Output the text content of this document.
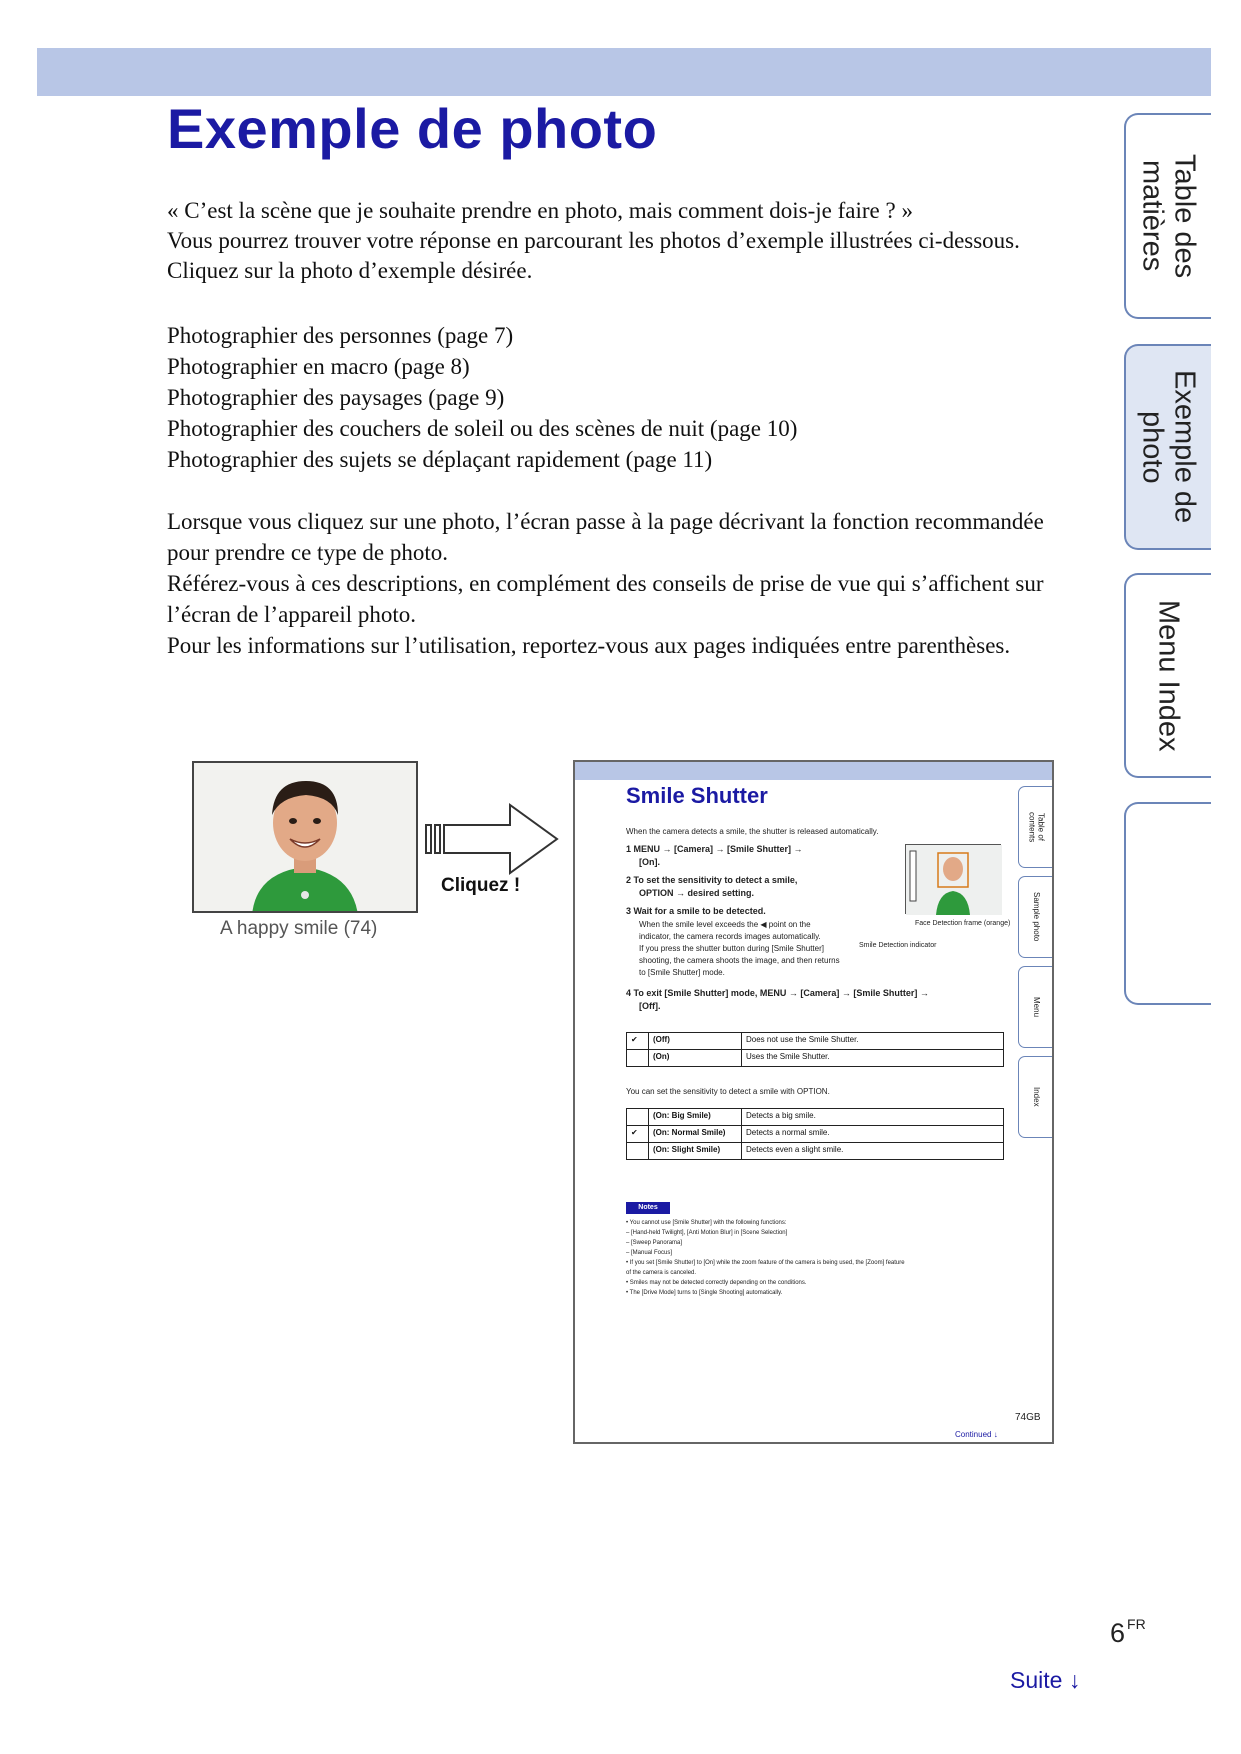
Exemple de photo

« C’est la scène que je souhaite prendre en photo, mais comment dois-je faire ? »

Vous pourrez trouver votre réponse en parcourant les photos d’exemple illustrées ci-dessous. Cliquez sur la photo d’exemple désirée.

Photographier des personnes (page 7)
Photographier en macro (page 8)
Photographier des paysages (page 9)
Photographier des couchers de soleil ou des scènes de nuit (page 10)
Photographier des sujets se déplaçant rapidement (page 11)

Lorsque vous cliquez sur une photo, l’écran passe à la page décrivant la fonction recommandée pour prendre ce type de photo.

Référez-vous à ces descriptions, en complément des conseils de prise de vue qui s’affichent sur l’écran de l’appareil photo.

Pour les informations sur l’utilisation, reportez-vous aux pages indiquées entre parenthèses.

Table des
matières
Exemple de
photo
Menu Index
A happy smile (74)
Cliquez !
Smile Shutter
When the camera detects a smile, the shutter is released automatically.
1 MENU → [Camera] → [Smile Shutter] →
[On].
2 To set the sensitivity to detect a smile,
OPTION → desired setting.
3 Wait for a smile to be detected.
When the smile level exceeds the ◀ point on the
indicator, the camera records images automatically.
If you press the shutter button during [Smile Shutter]
shooting, the camera shoots the image, and then returns
to [Smile Shutter] mode.
Face Detection frame (orange)
Smile Detection indicator
4 To exit [Smile Shutter] mode, MENU → [Camera] → [Smile Shutter] →
[Off].
✔	(Off)	Does not use the Smile Shutter.
	(On)	Uses the Smile Shutter.
You can set the sensitivity to detect a smile with OPTION.
	(On: Big Smile)	Detects a big smile.
✔	(On: Normal Smile)	Detects a normal smile.
	(On: Slight Smile)	Detects even a slight smile.
Notes
• You cannot use [Smile Shutter] with the following functions:
– [Hand-held Twilight], [Anti Motion Blur] in [Scene Selection]
– [Sweep Panorama]
– [Manual Focus]
• If you set [Smile Shutter] to [On] while the zoom feature of the camera is being used, the [Zoom] feature
of the camera is canceled.
• Smiles may not be detected correctly depending on the conditions.
• The [Drive Mode] turns to [Single Shooting] automatically.
Table of
contents
Sample photo
Menu
Index
74GB
Continued ↓
6 $^{FR}$
Suite ↓
